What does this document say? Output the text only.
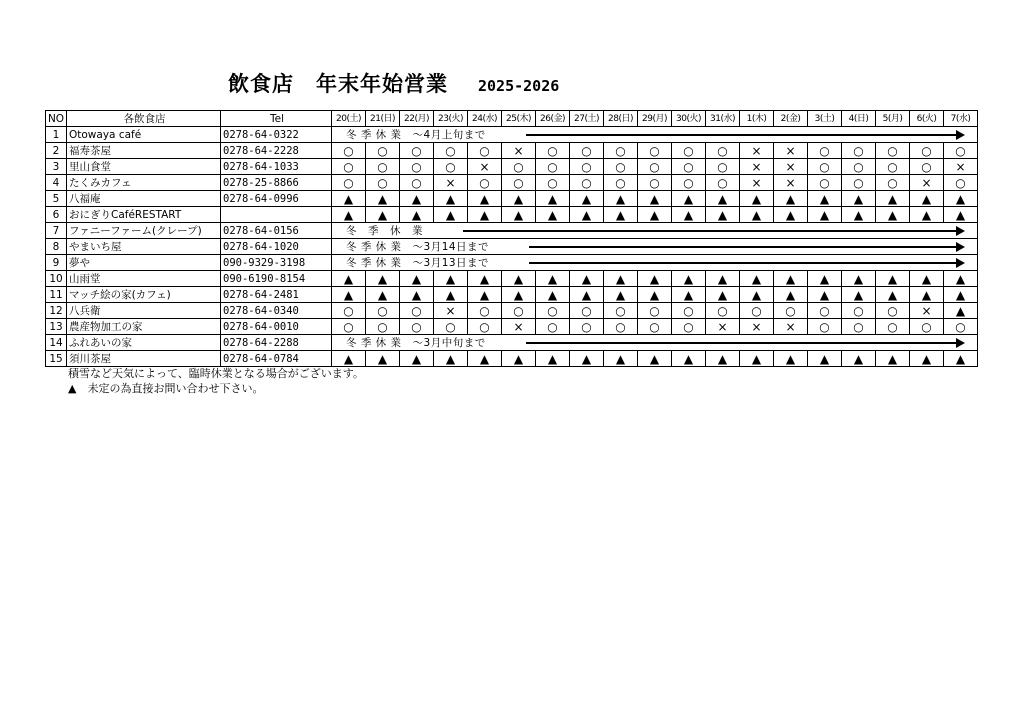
飲食店　年末年始営業 2025-2026
NO	各飲食店	Tel	20(土)	21(日)	22(月)	23(火)	24(水)	25(木)	26(金)	27(土)	28(日)	29(月)	30(火)	31(水)	1(木)	2(金)	3(土)	4(日)	5(月)	6(火)	7(水)
1	Otowaya café	0278-64-0322	冬 季 休 業　～4月上旬まで																		

2	福寿茶屋	0278-64-2228	○	○	○	○	○	×	○	○	○	○	○	○	×	×	○	○	○	○	○
3	里山食堂	0278-64-1033	○	○	○	○	×	○	○	○	○	○	○	○	×	×	○	○	○	○	×
4	たくみカフェ	0278-25-8866	○	○	○	×	○	○	○	○	○	○	○	○	×	×	○	○	○	×	○
5	八福庵	0278-64-0996	▲	▲	▲	▲	▲	▲	▲	▲	▲	▲	▲	▲	▲	▲	▲	▲	▲	▲	▲
6	おにぎりCaféRESTART		▲	▲	▲	▲	▲	▲	▲	▲	▲	▲	▲	▲	▲	▲	▲	▲	▲	▲	▲
7	ファニーファーム(クレープ)	0278-64-0156	冬　季　休　業																		

8	やまいち屋	0278-64-1020	冬 季 休 業　～3月14日まで																		

9	夢や	090-9329-3198	冬 季 休 業　～3月13日まで																		

10	山雨堂	090-6190-8154	▲	▲	▲	▲	▲	▲	▲	▲	▲	▲	▲	▲	▲	▲	▲	▲	▲	▲	▲
11	マッチ絵の家(カフェ)	0278-64-2481	▲	▲	▲	▲	▲	▲	▲	▲	▲	▲	▲	▲	▲	▲	▲	▲	▲	▲	▲
12	八兵衛	0278-64-0340	○	○	○	×	○	○	○	○	○	○	○	○	○	○	○	○	○	×	▲
13	農産物加工の家	0278-64-0010	○	○	○	○	○	×	○	○	○	○	○	×	×	×	○	○	○	○	○
14	ふれあいの家	0278-64-2288	冬 季 休 業　～3月中旬まで																		

15	須川茶屋	0278-64-0784	▲	▲	▲	▲	▲	▲	▲	▲	▲	▲	▲	▲	▲	▲	▲	▲	▲	▲	▲
積雪など天気によって、臨時休業となる場合がございます。
▲　未定の為直接お問い合わせ下さい。
